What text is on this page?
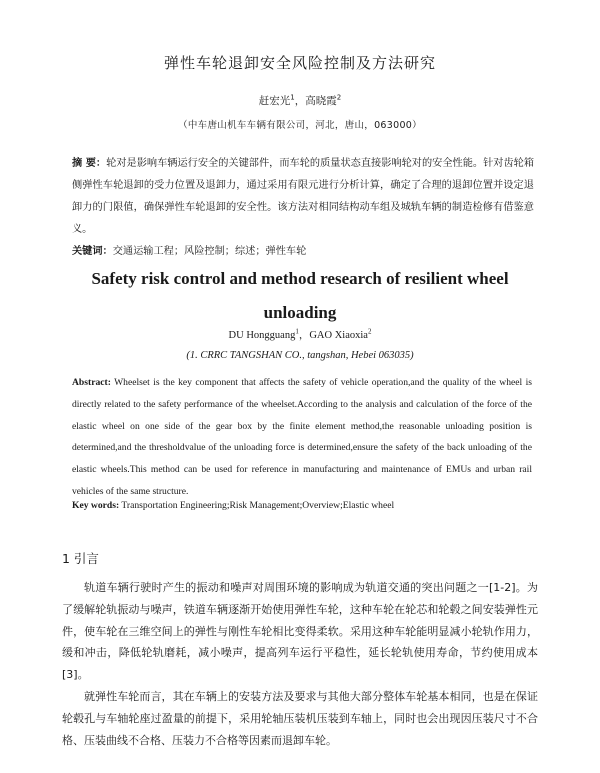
弹性车轮退卸安全风险控制及方法研究
赶宏光$^1$，高晓霞$^2$
（中车唐山机车车辆有限公司，河北，唐山，063000）
摘 要：轮对是影响车辆运行安全的关键部件，而车轮的质量状态直接影响轮对的安全性能。针对齿轮箱侧弹性车轮退卸的受力位置及退卸力，通过采用有限元进行分析计算，确定了合理的退卸位置并设定退卸力的门限值，确保弹性车轮退卸的安全性。该方法对相同结构动车组及城轨车辆的制造检修有借鉴意义。
关键词：交通运输工程；风险控制；综述；弹性车轮
Safety risk control and method research of resilient wheel
unloading
DU Hongguang$^1$，GAO Xiaoxia$^2$
(1. CRRC TANGSHAN CO., tangshan, Hebei 063035)
Abstract: Wheelset is the key component that affects the safety of vehicle operation,and the quality of the wheel is directly related to the safety performance of the wheelset.According to the analysis and calculation of the force of the elastic wheel on one side of the gear box by the finite element method,the reasonable unloading position is determined,and the thresholdvalue of the unloading force is determined,ensure the safety of the back unloading of the elastic wheels.This method can be used for reference in manufacturing and maintenance of EMUs and urban rail vehicles of the same structure.
Key words: Transportation Engineering;Risk Management;Overview;Elastic wheel
1 引言

轨道车辆行驶时产生的振动和噪声对周围环境的影响成为轨道交通的突出问题之一[1-2]。为了缓解轮轨振动与噪声，铁道车辆逐渐开始使用弹性车轮，这种车轮在轮芯和轮毂之间安装弹性元件，使车轮在三维空间上的弹性与刚性车轮相比变得柔软。采用这种车轮能明显减小轮轨作用力，缓和冲击，降低轮轨磨耗，减小噪声，提高列车运行平稳性，延长轮轨使用寿命，节约使用成本[3]。

就弹性车轮而言，其在车辆上的安装方法及要求与其他大部分整体车轮基本相同，也是在保证轮毂孔与车轴轮座过盈量的前提下，采用轮轴压装机压装到车轴上，同时也会出现因压装尺寸不合格、压装曲线不合格、压装力不合格等因素而退卸车轮。
